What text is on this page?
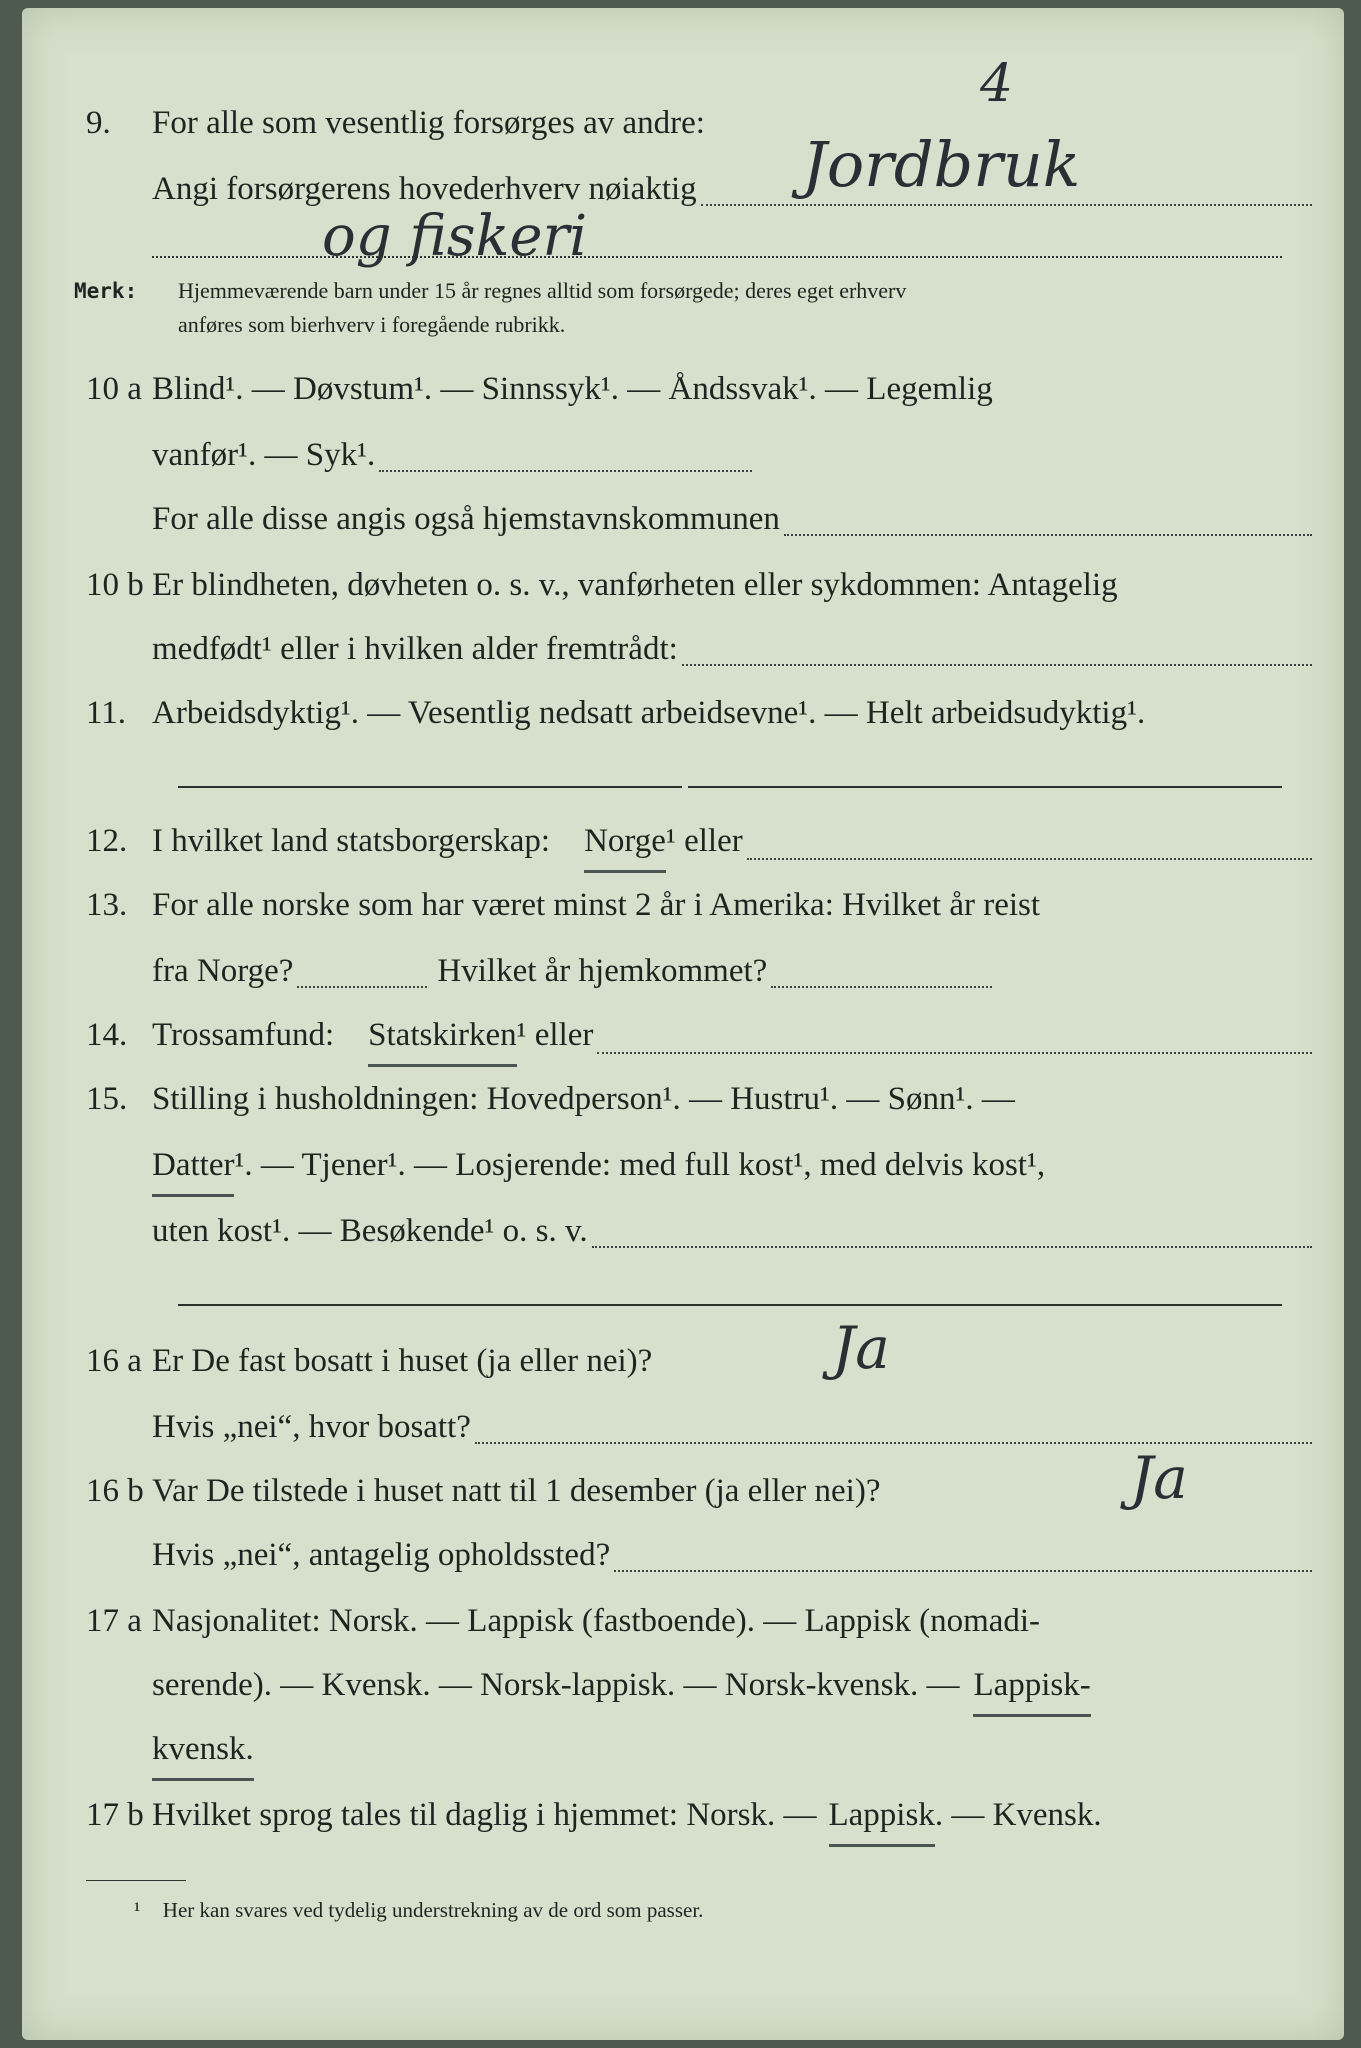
9. For alle som vesentlig forsørges av andre:
Angi forsørgerens hovederhverv nøiaktig Jordbruk
og fiskeri
4
Merk: Hjemmeværende barn under 15 år regnes alltid som forsørgede; deres eget erhverv
anføres som bierhverv i foregående rubrikk.
10 a Blind¹. — Døvstum¹. — Sinnssyk¹. — Åndssvak¹. — Legemlig
vanfør¹. — Syk¹.
For alle disse angis også hjemstavnskommunen
10 b Er blindheten, døvheten o. s. v., vanførheten eller sykdommen: Antagelig
medfødt¹ eller i hvilken alder fremtrådt:
11. Arbeidsdyktig¹. — Vesentlig nedsatt arbeidsevne¹. — Helt arbeidsudyktig¹.
12. I hvilket land statsborgerskap: Norge ¹ eller
13. For alle norske som har været minst 2 år i Amerika: Hvilket år reist
fra Norge?	Hvilket år hjemkommet?
14. Trossamfund: Statskirken ¹ eller
15. Stilling i husholdningen: Hovedperson¹. — Hustru¹. — Sønn¹. —
Datter ¹. — Tjener¹. — Losjerende: med full kost¹, med delvis kost¹,
uten kost¹. — Besøkende¹ o. s. v.
16 a Er De fast bosatt i huset (ja eller nei)?	Ja
Hvis „nei“, hvor bosatt?
16 b Var De tilstede i huset natt til 1 desember (ja eller nei)?	Ja
Hvis „nei“, antagelig opholdssted?
17 a Nasjonalitet: Norsk. — Lappisk (fastboende). — Lappisk (nomadi-
serende). — Kvensk. — Norsk-lappisk. — Norsk-kvensk. — Lappisk-
kvensk.
17 b Hvilket sprog tales til daglig i hjemmet: Norsk. — Lappisk . — Kvensk.
¹ Her kan svares ved tydelig understrekning av de ord som passer.
